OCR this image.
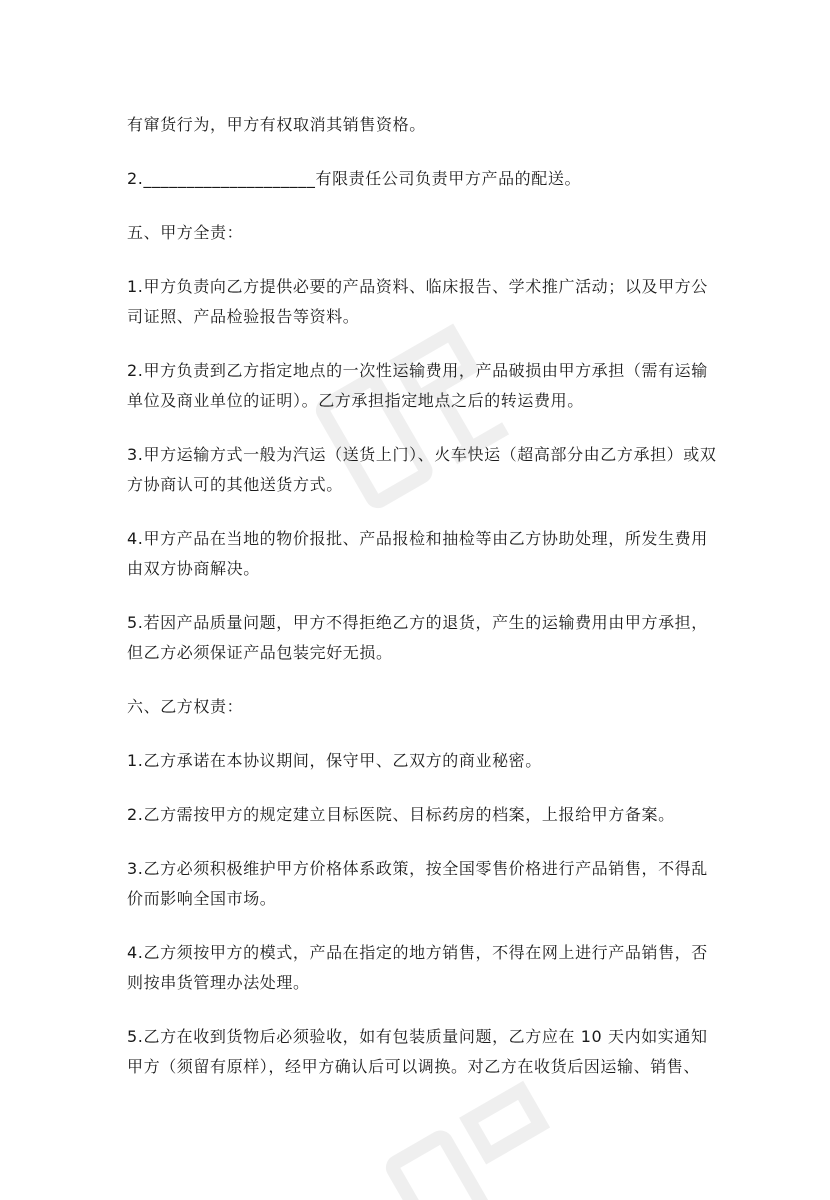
有窜货行为，甲方有权取消其销售资格。

2.____________________有限责任公司负责甲方产品的配送。

五、甲方全责：

1.甲方负责向乙方提供必要的产品资料、临床报告、学术推广活动；以及甲方公

司证照、产品检验报告等资料。

2.甲方负责到乙方指定地点的一次性运输费用，产品破损由甲方承担（需有运输

单位及商业单位的证明）。乙方承担指定地点之后的转运费用。

3.甲方运输方式一般为汽运（送货上门）、火车快运（超高部分由乙方承担）或双

方协商认可的其他送货方式。

4.甲方产品在当地的物价报批、产品报检和抽检等由乙方协助处理，所发生费用

由双方协商解决。

5.若因产品质量问题，甲方不得拒绝乙方的退货，产生的运输费用由甲方承担，

但乙方必须保证产品包装完好无损。

六、乙方权责：

1.乙方承诺在本协议期间，保守甲、乙双方的商业秘密。

2.乙方需按甲方的规定建立目标医院、目标药房的档案，上报给甲方备案。

3.乙方必须积极维护甲方价格体系政策，按全国零售价格进行产品销售，不得乱

价而影响全国市场。

4.乙方须按甲方的模式，产品在指定的地方销售，不得在网上进行产品销售，否

则按串货管理办法处理。

5.乙方在收到货物后必须验收，如有包装质量问题，乙方应在 10 天内如实通知

甲方（须留有原样），经甲方确认后可以调换。对乙方在收货后因运输、销售、
